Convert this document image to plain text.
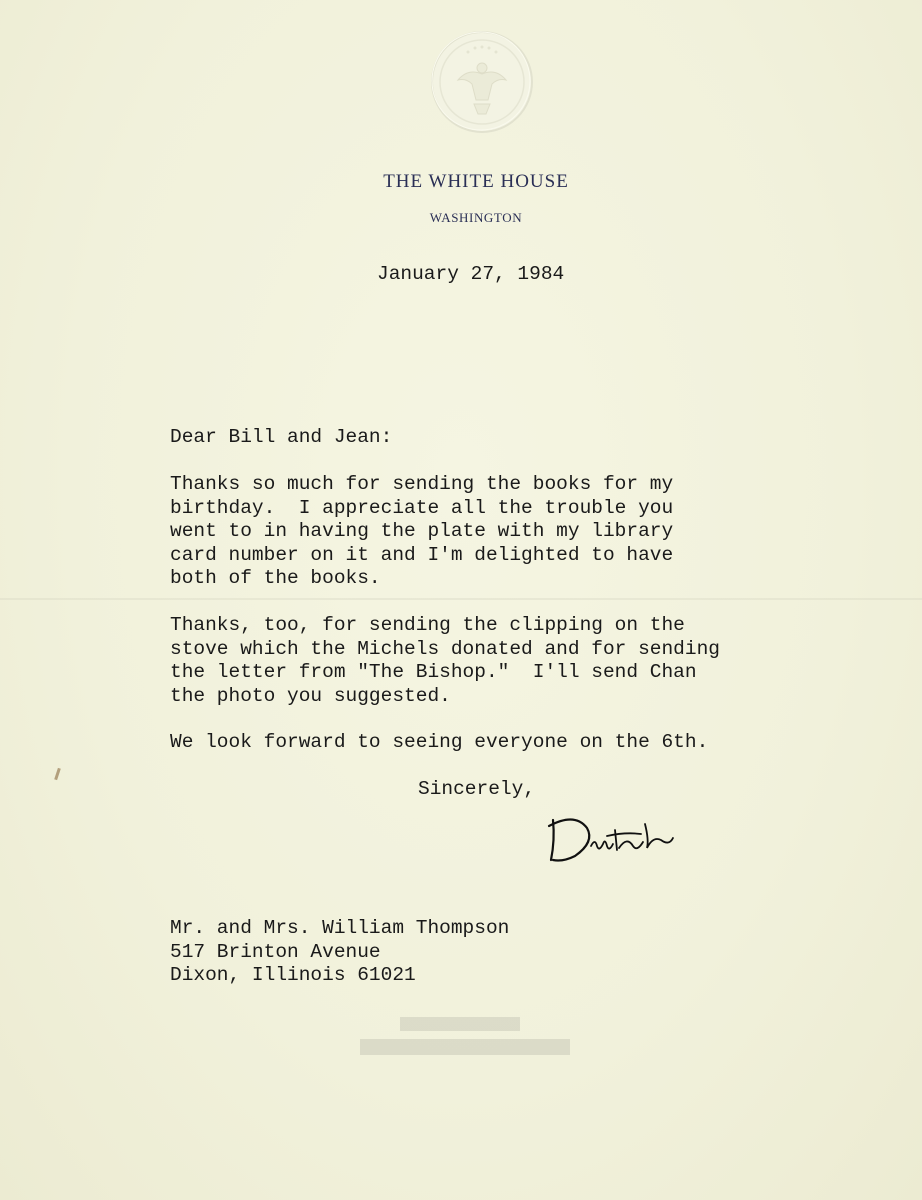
THE WHITE HOUSE
WASHINGTON
January 27, 1984
Dear Bill and Jean:
Thanks so much for sending the books for my
birthday.  I appreciate all the trouble you
went to in having the plate with my library
card number on it and I'm delighted to have
both of the books.
Thanks, too, for sending the clipping on the
stove which the Michels donated and for sending
the letter from "The Bishop."  I'll send Chan
the photo you suggested.
We look forward to seeing everyone on the 6th.
Sincerely,
Mr. and Mrs. William Thompson
517 Brinton Avenue
Dixon, Illinois 61021
